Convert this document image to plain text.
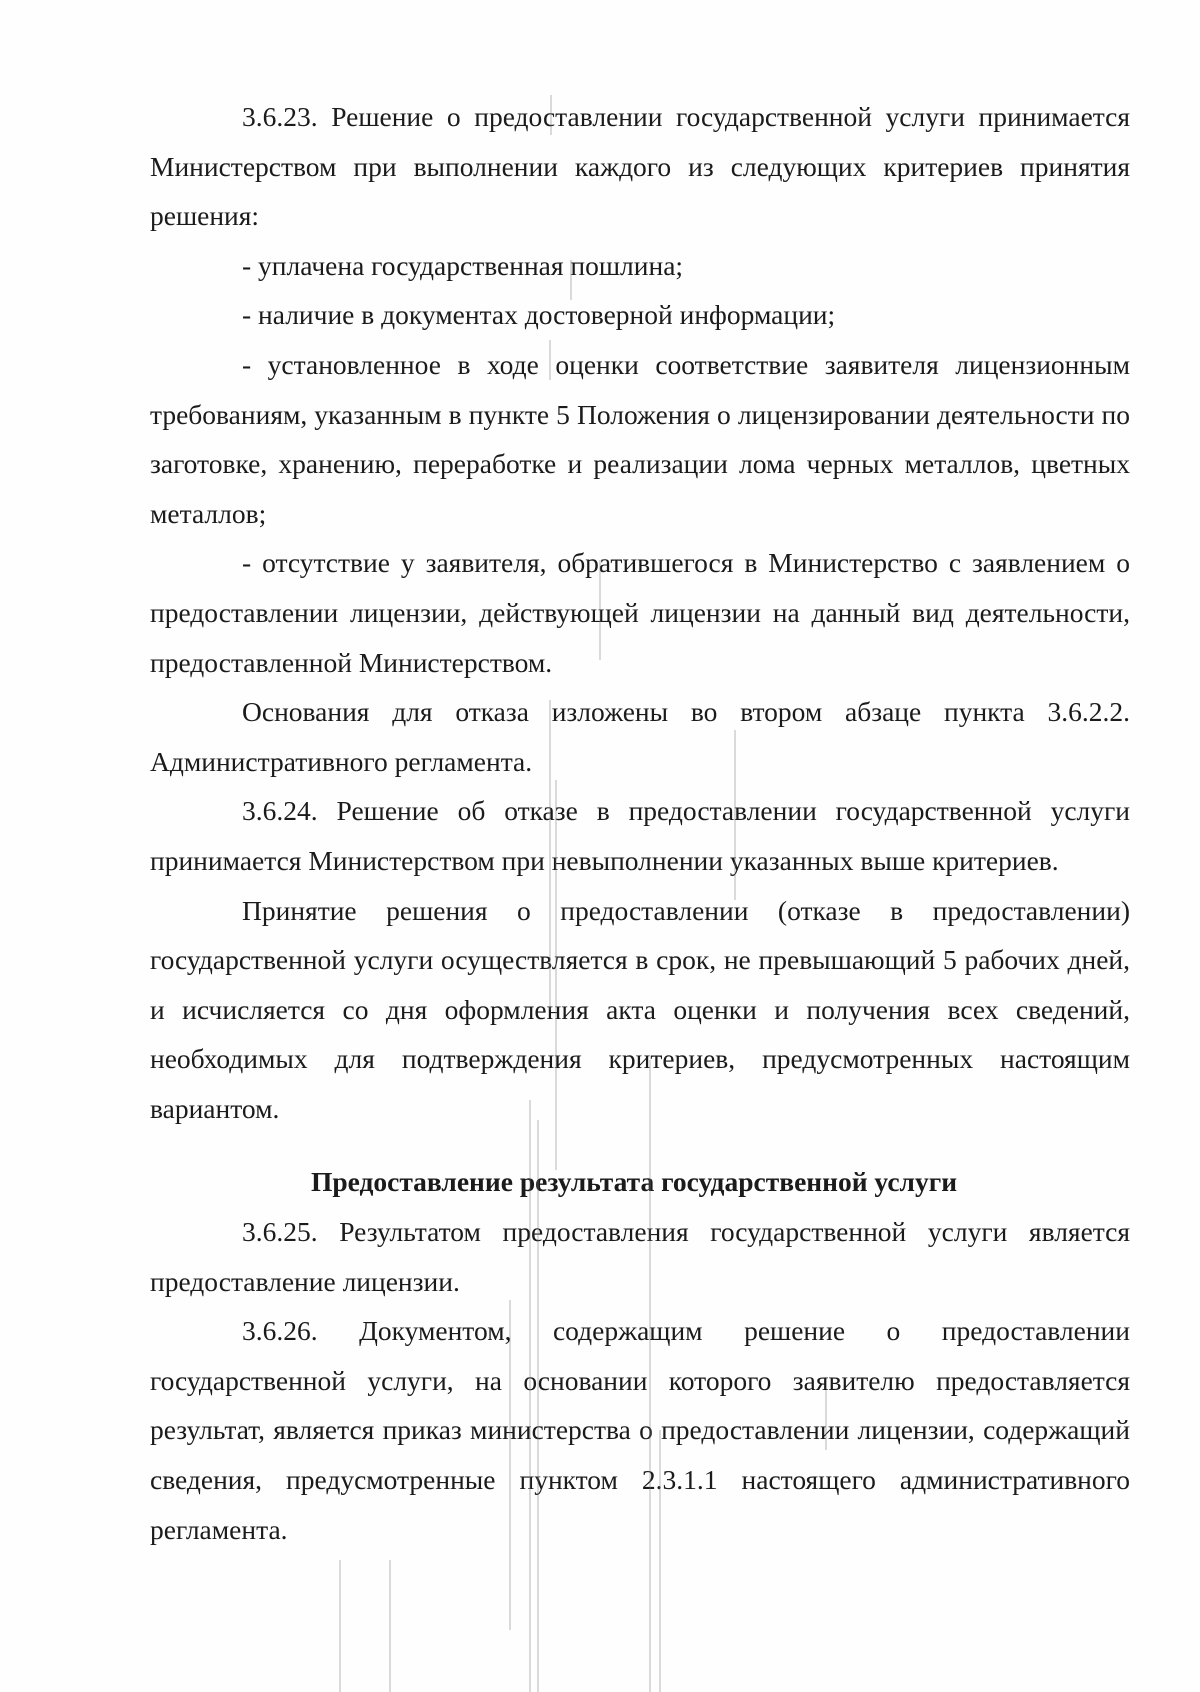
3.6.23. Решение о предоставлении государственной услуги принимается Министерством при выполнении каждого из следующих критериев принятия решения:

- уплачена государственная пошлина;

- наличие в документах достоверной информации;

- установленное в ходе оценки соответствие заявителя лицензионным требованиям, указанным в пункте 5 Положения о лицензировании деятельности по заготовке, хранению, переработке и реализации лома черных металлов, цветных металлов;

- отсутствие у заявителя, обратившегося в Министерство с заявлением о предоставлении лицензии, действующей лицензии на данный вид деятельности, предоставленной Министерством.

Основания для отказа изложены во втором абзаце пункта 3.6.2.2. Административного регламента.

3.6.24. Решение об отказе в предоставлении государственной услуги принимается Министерством при невыполнении указанных выше критериев.

Принятие решения о предоставлении (отказе в предоставлении) государственной услуги осуществляется в срок, не превышающий 5 рабочих дней, и исчисляется со дня оформления акта оценки и получения всех сведений, необходимых для подтверждения критериев, предусмотренных настоящим вариантом.

Предоставление результата государственной услуги

3.6.25. Результатом предоставления государственной услуги является предоставление лицензии.

3.6.26. Документом, содержащим решение о предоставлении государственной услуги, на основании которого заявителю предоставляется результат, является приказ министерства о предоставлении лицензии, содержащий сведения, предусмотренные пунктом 2.3.1.1 настоящего административного регламента.
